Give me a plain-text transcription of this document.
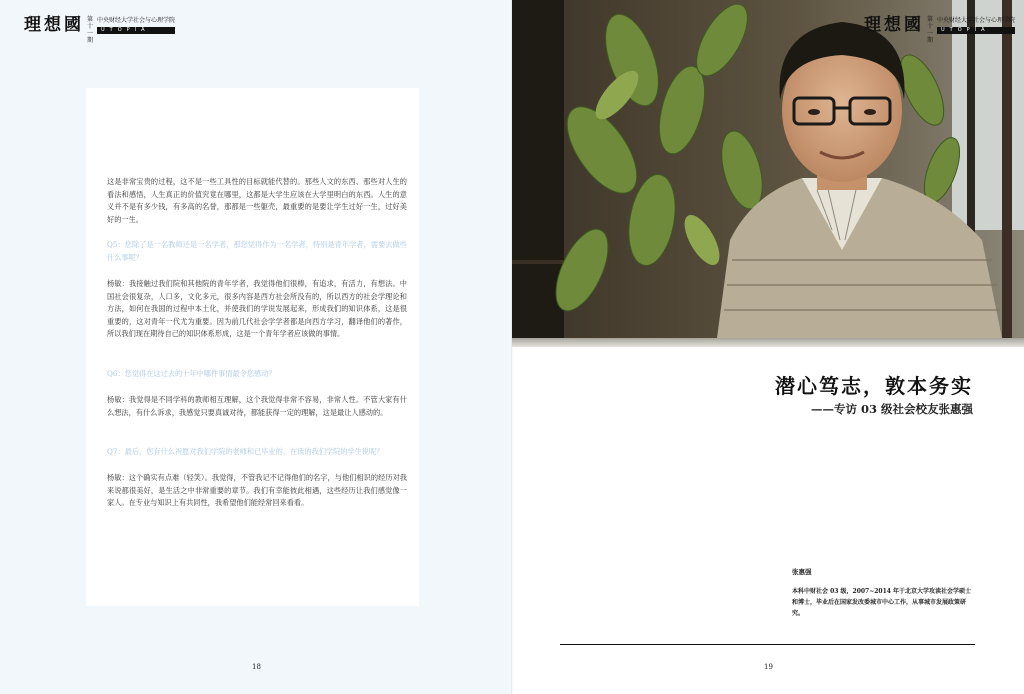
理想國 第十一期
中央财经大学社会与心理学院
UTOPIA

这是非常宝贵的过程，这不是一些工具性的目标就能代替的。那些人文的东西、那些对人生的看法和感悟，人生真正的价值究竟在哪里，这都是大学生应该在大学里明白的东西。人生的意义并不是有多少钱，有多高的名誉，那都是一些躯壳，最重要的是要让学生过好一生，过好美好的一生。

Q5：您除了是一名教师还是一名学者，那您觉得作为一名学者，特别是青年学者，需要去做些什么事呢？

杨敏：我接触过我们院和其他院的青年学者，我觉得他们很棒，有追求，有活力，有想法。中国社会很复杂，人口多，文化多元，很多内容是西方社会所没有的，所以西方的社会学理论和方法，如何在我国的过程中本土化，并使我们的学说发展起来，形成我们的知识体系，这是很重要的，这对青年一代尤为重要。因为前几代社会学学者都是向西方学习，翻译他们的著作，所以我们现在期待自己的知识体系形成，这是一个青年学者应该做的事情。

Q6：您觉得在这过去的十年中哪件事情最令您感动？

杨敏：我觉得是不同学科的教师相互理解，这个我觉得非常不容易，非常人性。不管大家有什么想法，有什么诉求，我感觉只要真诚对待，都能获得一定的理解，这是最让人感动的。

Q7：最后，您有什么祝愿对我们学院的老师和已毕业的、在读的我们学院的学生说呢？

杨敏：这个确实有点难（轻笑）。我觉得，不管我记不记得他们的名字，与他们相识的经历对我来说都很美好，是生活之中非常重要的章节。我们有幸能彼此相遇，这些经历让我们感觉像一家人。在专业与知识上有共同性，我希望他们能经常回来看看。

18
理想國 第十一期
中央财经大学社会与心理学院
UTOPIA
潜心笃志，敦本务实
——专访 03 级社会校友张惠强
张惠强

本科中财社会 03 级，2007~2014 年于北京大学攻读社会学硕士和博士，毕业后在国家发改委城市中心工作，从事城市发展政策研究。

19
